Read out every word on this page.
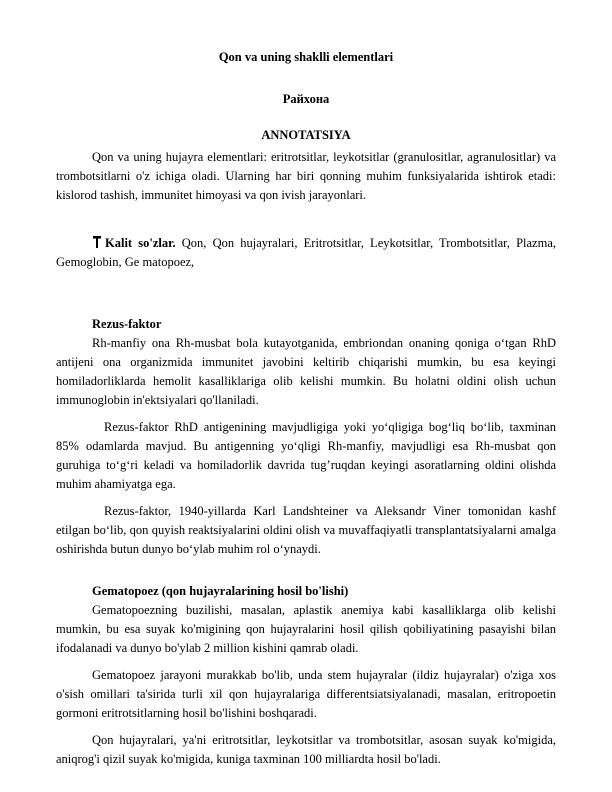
Qon va uning shaklli elementlari
Райхона
ANNOTATSIYA
Qon va uning hujayra elementlari: eritrotsitlar, leykotsitlar (granulositlar, agranulositlar) va trombotsitlarni o'z ichiga oladi. Ularning har biri qonning muhim funksiyalarida ishtirok etadi: kislorod tashish, immunitet himoyasi va qon ivish jarayonlari.
Kalit so'zlar. Qon, Qon hujayralari, Eritrotsitlar, Leykotsitlar, Trombotsitlar, Plazma, Gemoglobin, Ge matopoez,
Rezus-faktor
Rh-manfiy ona Rh-musbat bola kutayotganida, embriondan onaning qoniga oʻtgan RhD antijeni ona organizmida immunitet javobini keltirib chiqarishi mumkin, bu esa keyingi homiladorliklarda hemolit kasalliklariga olib kelishi mumkin. Bu holatni oldini olish uchun immunoglobin in'ektsiyalari qo'llaniladi.
Rezus-faktor RhD antigenining mavjudligiga yoki yoʻqligiga bogʻliq boʻlib, taxminan 85% odamlarda mavjud. Bu antigenning yoʻqligi Rh-manfiy, mavjudligi esa Rh-musbat qon guruhiga toʻgʻri keladi va homiladorlik davrida tugʼruqdan keyingi asoratlarning oldini olishda muhim ahamiyatga ega.
Rezus-faktor, 1940-yillarda Karl Landshteiner va Aleksandr Viner tomonidan kashf etilgan boʻlib, qon quyish reaktsiyalarini oldini olish va muvaffaqiyatli transplantatsiyalarni amalga oshirishda butun dunyo boʻylab muhim rol oʻynaydi.
Gematopoez (qon hujayralarining hosil bo'lishi)
Gematopoezning buzilishi, masalan, aplastik anemiya kabi kasalliklarga olib kelishi mumkin, bu esa suyak ko'migining qon hujayralarini hosil qilish qobiliyatining pasayishi bilan ifodalanadi va dunyo bo'ylab 2 million kishini qamrab oladi.
Gematopoez jarayoni murakkab bo'lib, unda stem hujayralar (ildiz hujayralar) o'ziga xos o'sish omillari ta'sirida turli xil qon hujayralariga differentsiatsiyalanadi, masalan, eritropoetin gormoni eritrotsitlarning hosil bo'lishini boshqaradi.
Qon hujayralari, ya'ni eritrotsitlar, leykotsitlar va trombotsitlar, asosan suyak ko'migida, aniqrog'i qizil suyak ko'migida, kuniga taxminan 100 milliardta hosil bo'ladi.
